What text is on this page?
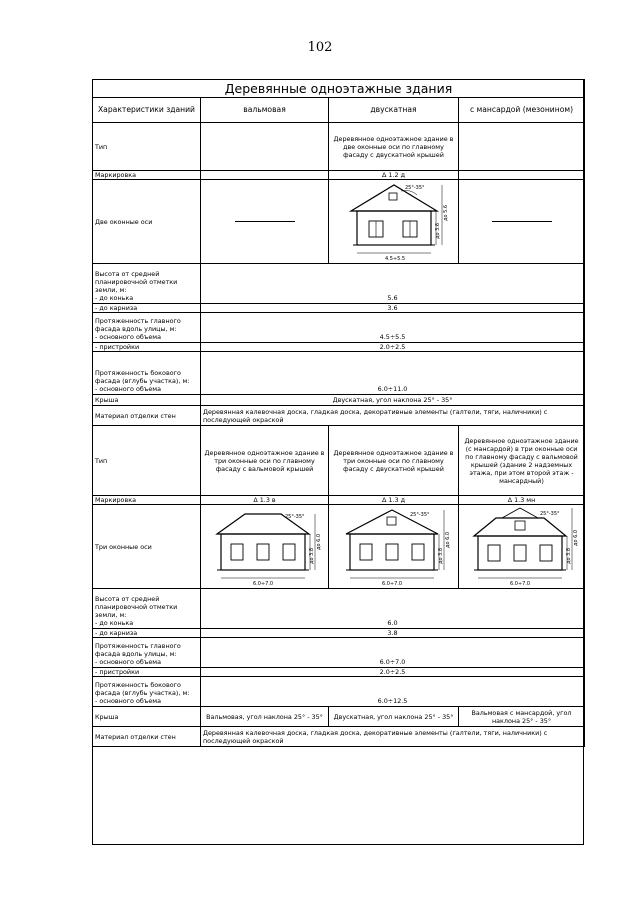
102
Деревянные одноэтажные здания			
Характеристики зданий	вальмовая	двускатная	с мансардой (мезонином)
Тип		Деревянное одноэтажное здание в две оконные оси по главному фасаду с двускатной крышей	
Маркировка		Δ 1.2 д	
Две оконные оси		25°-35°
до 5.6
до 3.6
4.5÷5.5	

Высота от средней планировочной отметки земли, м:
- до конька	5.6		
- до карниза	3.6		
Протяженность главного фасада вдоль улицы, м:
- основного объема	4.5÷5.5		
- пристройки	2.0÷2.5		
Протяженность бокового фасада (вглубь участка), м:
- основного объема	6.0÷11.0		
Крыша	Двускатная, угол наклона 25° - 35°		
Материал отделки стен	Деревянная калевочная доска, гладкая доска, декоративные элементы (галтели, тяги, наличники) с последующей окраской		
Тип	Деревянное одноэтажное здание в три оконные оси по главному фасаду с вальмовой крышей	Деревянное одноэтажное здание в три оконные оси по главному фасаду с двускатной крышей	Деревянное одноэтажное здание (с мансардой) в три оконные оси по главному фасаду с вальмовой крышей (здание 2 надземных этажа, при этом второй этаж - мансардный)
Маркировка	Δ 1.3 в	Δ 1.3 д	Δ 1.3 мн
Три оконные оси	25°-35°
до 6.0
до 3.8
6.0÷7.0	25°-35°
до 6.0
до 3.8
6.0÷7.0	25°-35°
до 6.0
до 3.8
6.0÷7.0

Высота от средней планировочной отметки земли, м:
- до конька	6.0		
- до карниза	3.8		
Протяженность главного фасада вдоль улицы, м:
- основного объема	6.0÷7.0		
- пристройки	2.0÷2.5		
Протяженность бокового фасада (вглубь участка), м:
- основного объема	6.0÷12.5		
Крыша	Вальмовая, угол наклона 25° - 35°	Двускатная, угол наклона 25° - 35°	Вальмовая с мансардой, угол наклона 25° - 35°
Материал отделки стен	Деревянная калевочная доска, гладкая доска, декоративные элементы (галтели, тяги, наличники) с последующей окраской		
